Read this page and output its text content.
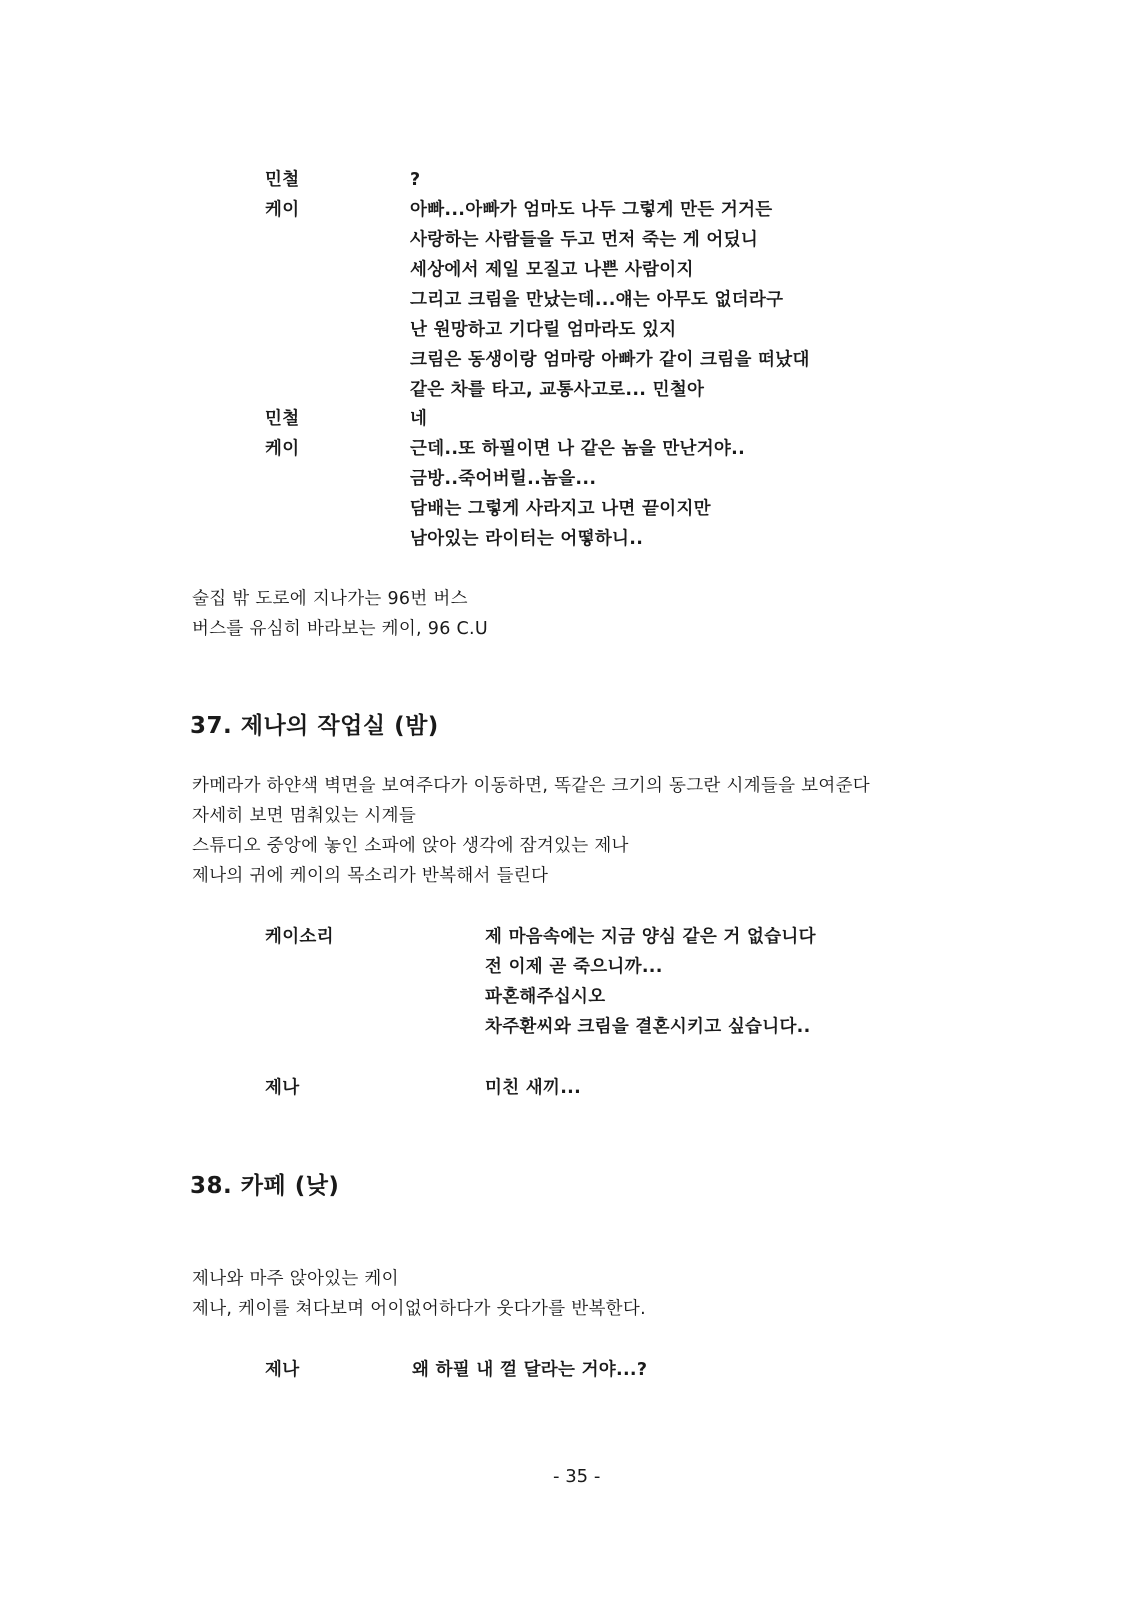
민철	?
케이	아빠...아빠가 엄마도 나두 그렇게 만든 거거든
사랑하는 사람들을 두고 먼저 죽는 게 어딨니
세상에서 제일 모질고 나쁜 사람이지
그리고 크림을 만났는데...얘는 아무도 없더라구
난 원망하고 기다릴 엄마라도 있지
크림은 동생이랑 엄마랑 아빠가 같이 크림을 떠났대
같은 차를 타고, 교통사고로... 민철아
민철	네
케이	근데..또 하필이면 나 같은 놈을 만난거야..
금방..죽어버릴..놈을...
담배는 그렇게 사라지고 나면 끝이지만
남아있는 라이터는 어떻하니..
술집 밖 도로에 지나가는 96번 버스
버스를 유심히 바라보는 케이, 96 C.U
37. 제나의 작업실 (밤)
카메라가 하얀색 벽면을 보여주다가 이동하면, 똑같은 크기의 동그란 시계들을 보여준다
자세히 보면 멈춰있는 시계들
스튜디오 중앙에 놓인 소파에 앉아 생각에 잠겨있는 제나
제나의 귀에 케이의 목소리가 반복해서 들린다
케이소리	제 마음속에는 지금 양심 같은 거 없습니다
전 이제 곧 죽으니까...
파혼해주십시오
차주환씨와 크림을 결혼시키고 싶습니다..
제나	미친 새끼...
38. 카페 (낮)
제나와 마주 앉아있는 케이
제나, 케이를 쳐다보며 어이없어하다가 웃다가를 반복한다.
제나	왜 하필 내 껄 달라는 거야...?
- 35 -
